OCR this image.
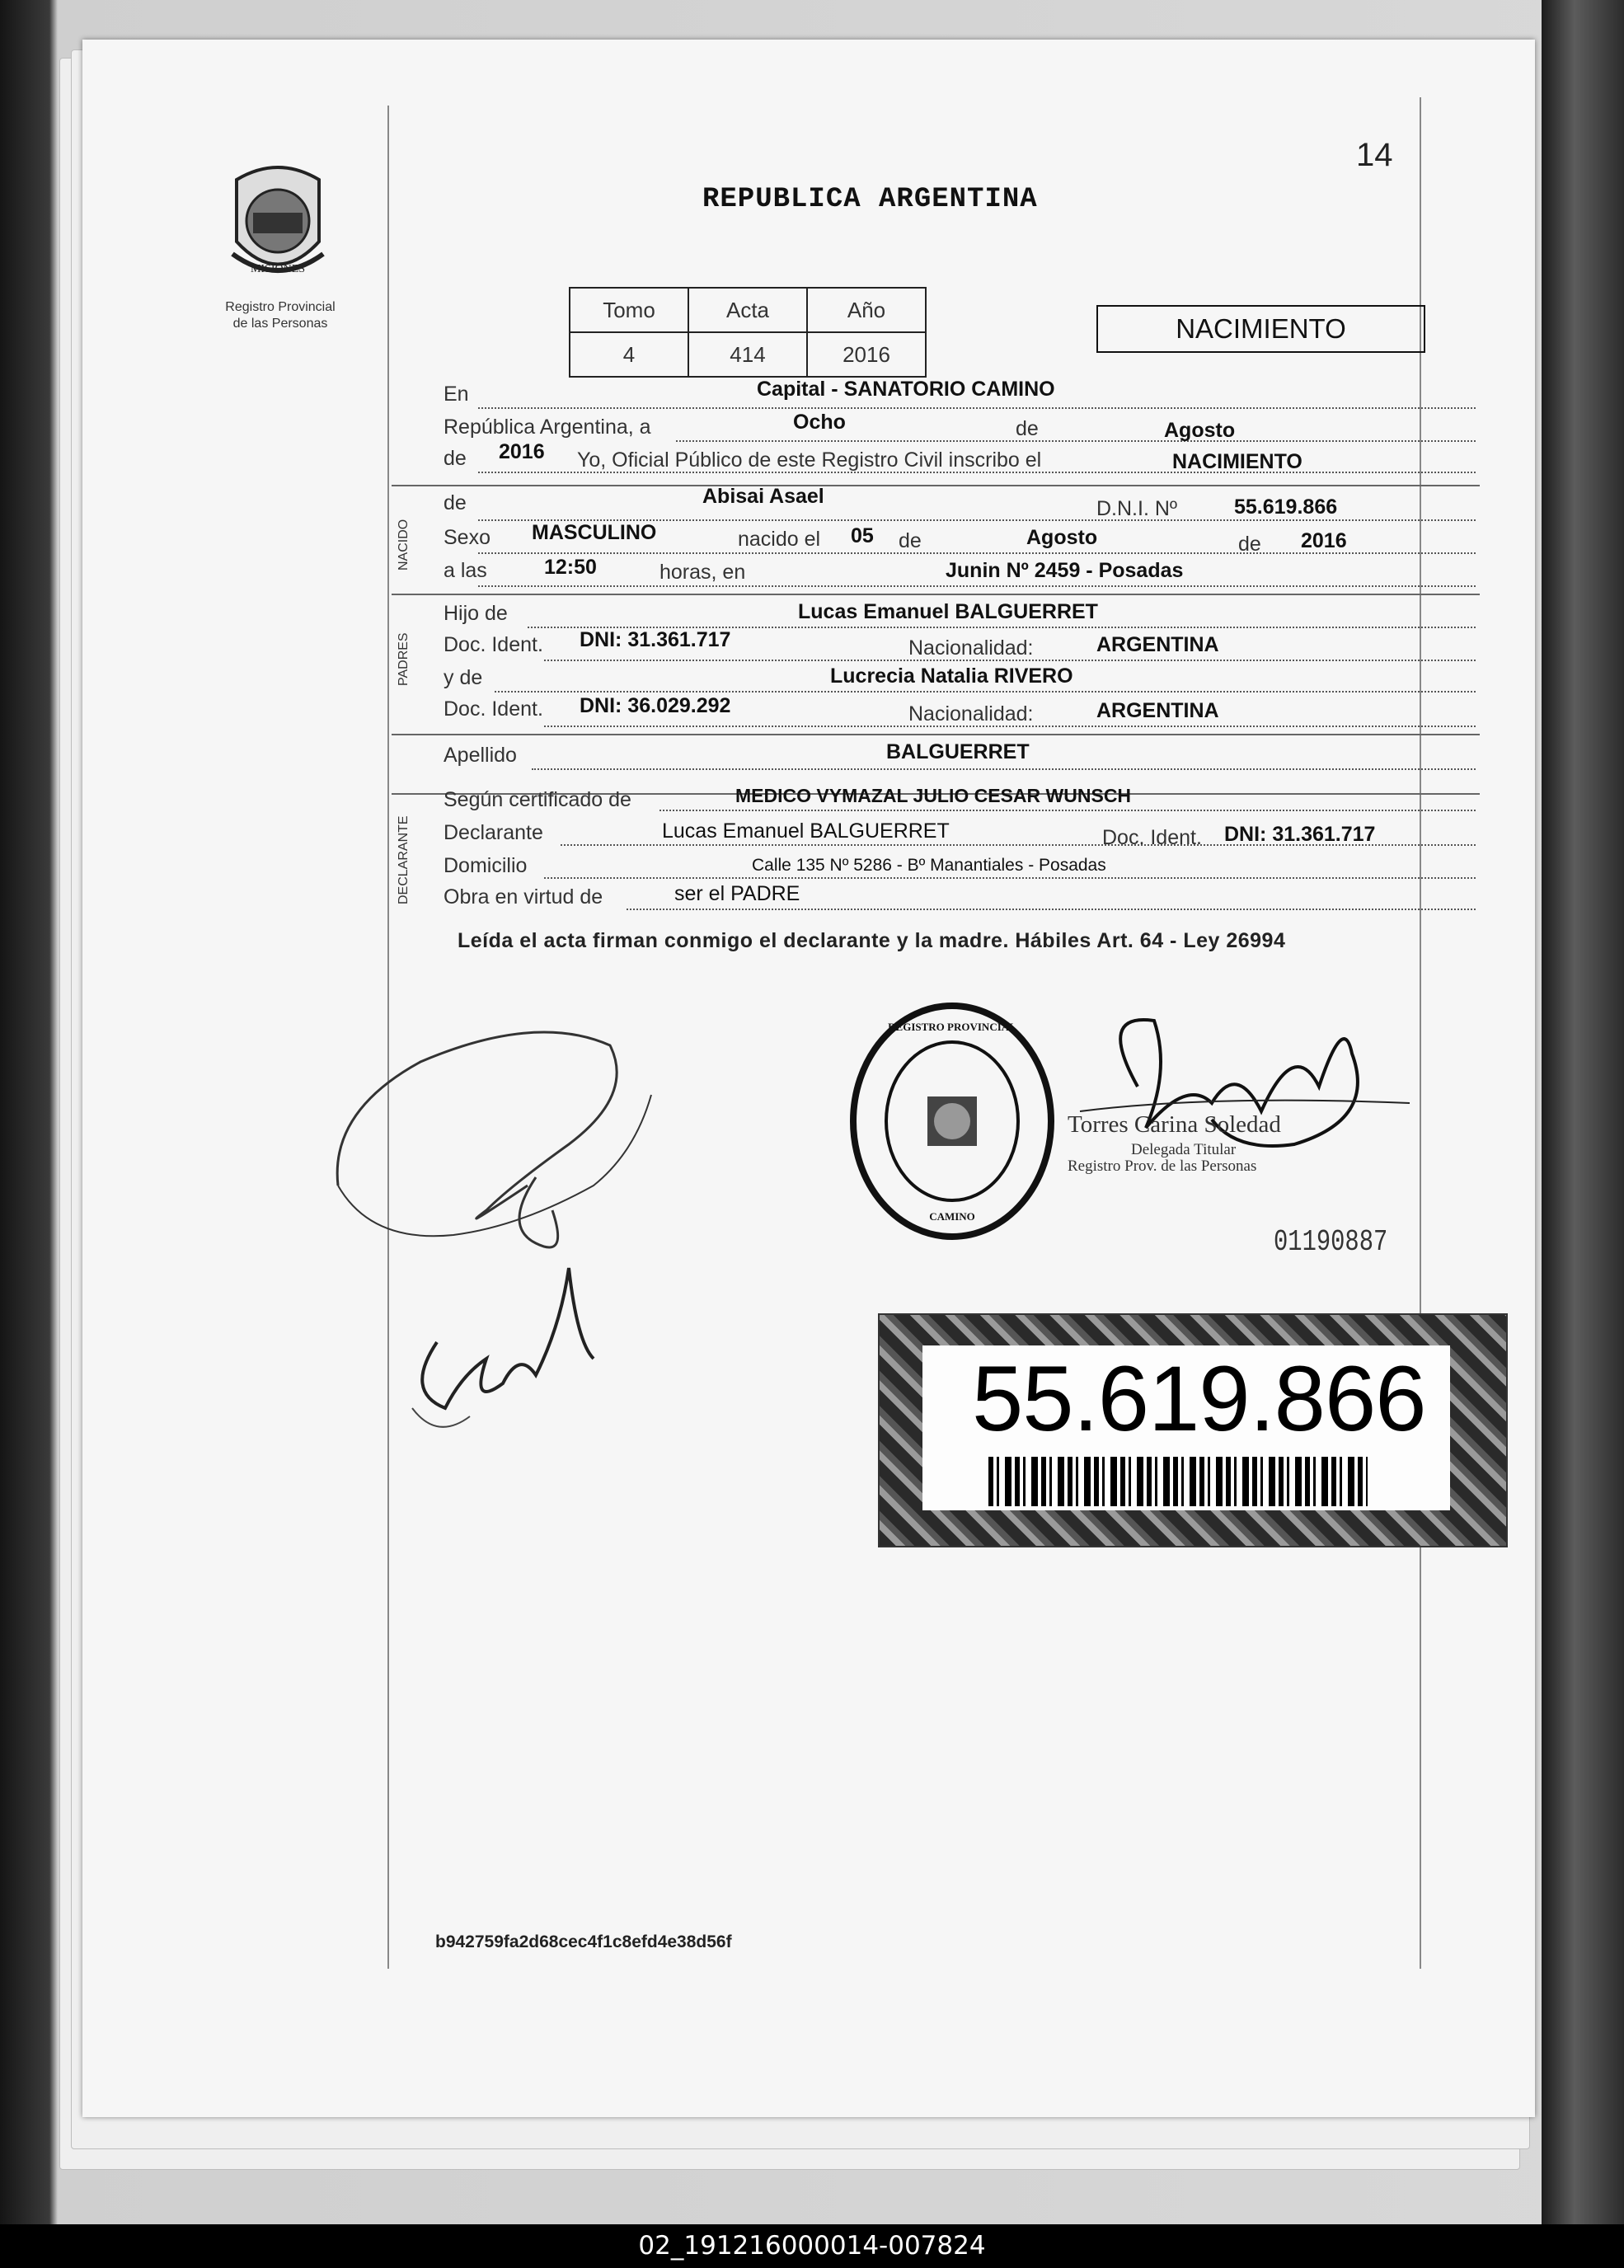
14
MISIONES
Registro Provincial
de las Personas
REPUBLICA ARGENTINA
Tomo	Acta	Año
4	414	2016
NACIMIENTO
En	Capital - SANATORIO CAMINO
República Argentina, a	Ocho	de	Agosto
de 2016 Yo, Oficial Público de este Registro Civil inscribo el	NACIMIENTO
NACIDO
de	Abisai Asael
D.N.I. Nº	55.619.866
Sexo MASCULINO	nacido el 05 de	Agosto	de 2016
a las	12:50	horas, en	Junin Nº 2459 - Posadas
PADRES
Hijo de	Lucas Emanuel BALGUERRET
Doc. Ident. DNI: 31.361.717	Nacionalidad:	ARGENTINA
y de	Lucrecia Natalia RIVERO
Doc. Ident. DNI: 36.029.292	Nacionalidad:	ARGENTINA
Apellido	BALGUERRET
DECLARANTE
Según certificado de	MEDICO VYMAZAL JULIO CESAR WUNSCH
Declarante	Lucas Emanuel BALGUERRET	Doc. Ident. DNI: 31.361.717
Domicilio	Calle 135 Nº 5286 - Bº Manantiales - Posadas
Obra en virtud de	ser el PADRE
Leída el acta firman conmigo el declarante y la madre. Hábiles Art. 64 - Ley 26994
REGISTRO PROVINCIAL
CAMINO
Torres Carina Soledad
Delegada Titular
Registro Prov. de las Personas
01190887
55.619.866
b942759fa2d68cec4f1c8efd4e38d56f
02_191216000014-007824
